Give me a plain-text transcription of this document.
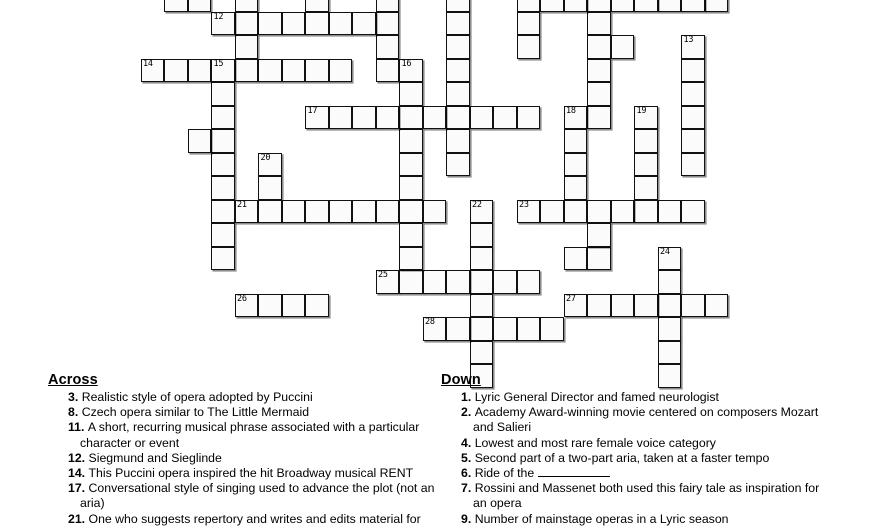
12
13
14	15	16
17	18	19
20
21	22	23
24
25
26	27
28
Across
3. Realistic style of opera adopted by Puccini
8. Czech opera similar to The Little Mermaid
11. A short, recurring musical phrase associated with a particular character or event
12. Siegmund and Sieglinde
14. This Puccini opera inspired the hit Broadway musical RENT
17. Conversational style of singing used to advance the plot (not an aria)
21. One who suggests repertory and writes and edits material for
Down
1. Lyric General Director and famed neurologist
2. Academy Award-winning movie centered on composers Mozart and Salieri
4. Lowest and most rare female voice category
5. Second part of a two-part aria, taken at a faster tempo
6. Ride of the
7. Rossini and Massenet both used this fairy tale as inspiration for an opera
9. Number of mainstage operas in a Lyric season
